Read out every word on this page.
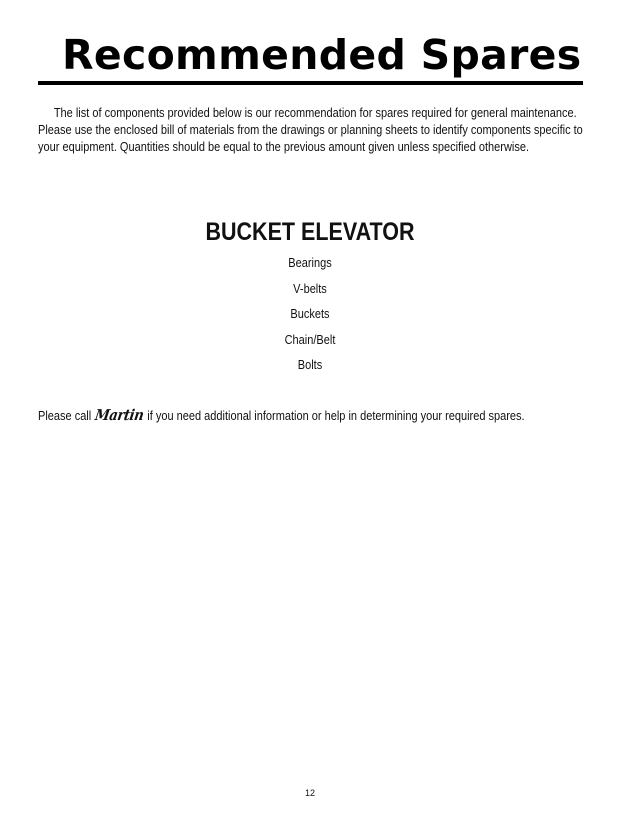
Recommended Spares

The list of components provided below is our recommendation for spares required for general maintenance. Please use the enclosed bill of materials from the drawings or planning sheets to identify components specific to your equipment. Quantities should be equal to the previous amount given unless specified otherwise.

BUCKET ELEVATOR
Bearings
V-belts
Buckets
Chain/Belt
Bolts

Please call Martin if you need additional information or help in determining your required spares.

12
